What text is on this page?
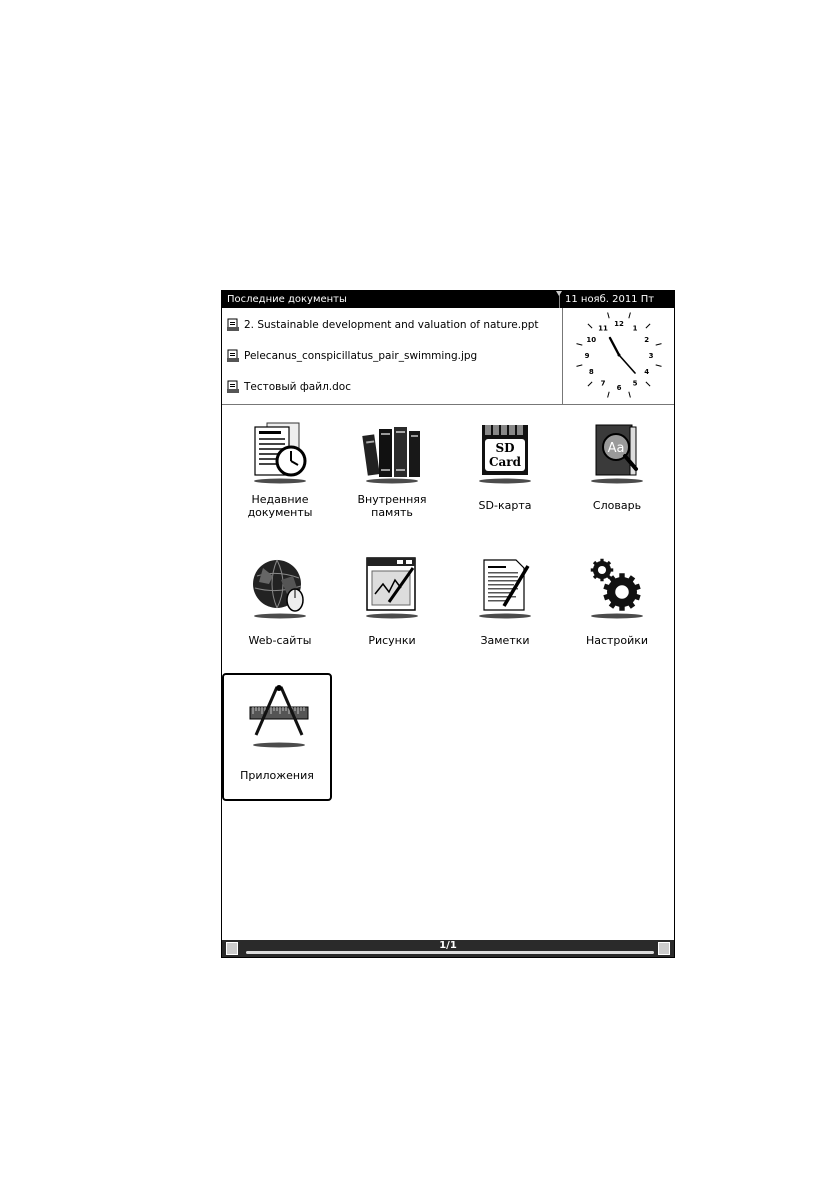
Последние документы	11 нояб. 2011 Пт
2. Sustainable development and valuation of nature.ppt
Pelecanus_conspicillatus_pair_swimming.jpg
Тестовый файл.doc
12
1
2
3
4
5
6
7
8
9
10
11
Недавние документы
Внутренняя память
SD
Card
SD-карта
Aa
Словарь
Web-сайты	Рисунки	Заметки	Настройки
Приложения
1/1
